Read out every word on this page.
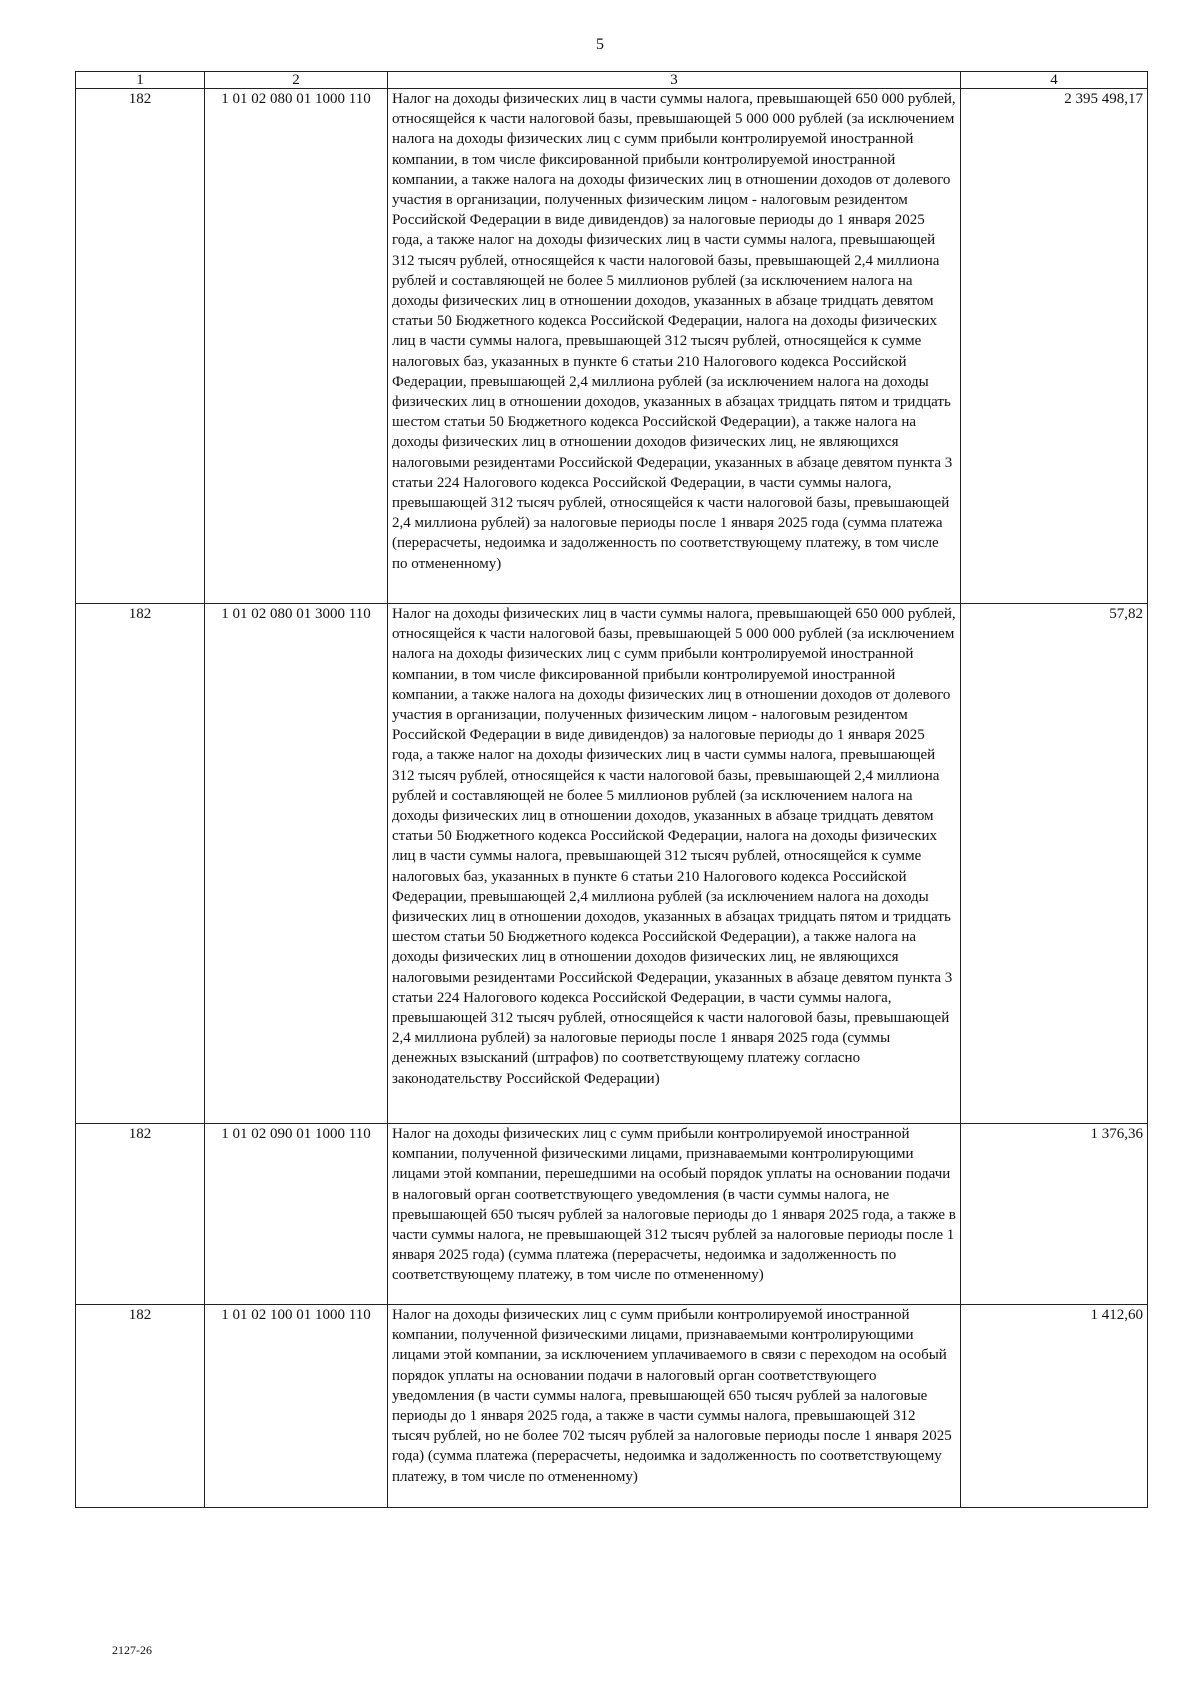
5
1	2	3	4
182	1 01 02 080 01 1000 110	Налог на доходы физических лиц в части суммы налога, превышающей 650 000 рублей, относящейся к части налоговой базы, превышающей 5 000 000 рублей (за исключением налога на доходы физических лиц с сумм прибыли контролируемой иностранной компании, в том числе фиксированной прибыли контролируемой иностранной компании, а также налога на доходы физических лиц в отношении доходов от долевого участия в организации, полученных физическим лицом - налоговым резидентом Российской Федерации в виде дивидендов) за налоговые периоды до 1 января 2025 года, а также налог на доходы физических лиц в части суммы налога, превышающей 312 тысяч рублей, относящейся к части налоговой базы, превышающей 2,4 миллиона рублей и составляющей не более 5 миллионов рублей (за исключением налога на доходы физических лиц в отношении доходов, указанных в абзаце тридцать девятом статьи 50 Бюджетного кодекса Российской Федерации, налога на доходы физических лиц в части суммы налога, превышающей 312 тысяч рублей, относящейся к сумме налоговых баз, указанных в пункте 6 статьи 210 Налогового кодекса Российской Федерации, превышающей 2,4 миллиона рублей (за исключением налога на доходы физических лиц в отношении доходов, указанных в абзацах тридцать пятом и тридцать шестом статьи 50 Бюджетного кодекса Российской Федерации), а также налога на доходы физических лиц в отношении доходов физических лиц, не являющихся налоговыми резидентами Российской Федерации, указанных в абзаце девятом пункта 3 статьи 224 Налогового кодекса Российской Федерации, в части суммы налога, превышающей 312 тысяч рублей, относящейся к части налоговой базы, превышающей 2,4 миллиона рублей) за налоговые периоды после 1 января 2025 года (сумма платежа (перерасчеты, недоимка и задолженность по соответствующему платежу, в том числе по отмененному)	2 395 498,17
182	1 01 02 080 01 3000 110	Налог на доходы физических лиц в части суммы налога, превышающей 650 000 рублей, относящейся к части налоговой базы, превышающей 5 000 000 рублей (за исключением налога на доходы физических лиц с сумм прибыли контролируемой иностранной компании, в том числе фиксированной прибыли контролируемой иностранной компании, а также налога на доходы физических лиц в отношении доходов от долевого участия в организации, полученных физическим лицом - налоговым резидентом Российской Федерации в виде дивидендов) за налоговые периоды до 1 января 2025 года, а также налог на доходы физических лиц в части суммы налога, превышающей 312 тысяч рублей, относящейся к части налоговой базы, превышающей 2,4 миллиона рублей и составляющей не более 5 миллионов рублей (за исключением налога на доходы физических лиц в отношении доходов, указанных в абзаце тридцать девятом статьи 50 Бюджетного кодекса Российской Федерации, налога на доходы физических лиц в части суммы налога, превышающей 312 тысяч рублей, относящейся к сумме налоговых баз, указанных в пункте 6 статьи 210 Налогового кодекса Российской Федерации, превышающей 2,4 миллиона рублей (за исключением налога на доходы физических лиц в отношении доходов, указанных в абзацах тридцать пятом и тридцать шестом статьи 50 Бюджетного кодекса Российской Федерации), а также налога на доходы физических лиц в отношении доходов физических лиц, не являющихся налоговыми резидентами Российской Федерации, указанных в абзаце девятом пункта 3 статьи 224 Налогового кодекса Российской Федерации, в части суммы налога, превышающей 312 тысяч рублей, относящейся к части налоговой базы, превышающей 2,4 миллиона рублей) за налоговые периоды после 1 января 2025 года (суммы денежных взысканий (штрафов) по соответствующему платежу согласно законодательству Российской Федерации)	57,82
182	1 01 02 090 01 1000 110	Налог на доходы физических лиц с сумм прибыли контролируемой иностранной компании, полученной физическими лицами, признаваемыми контролирующими лицами этой компании, перешедшими на особый порядок уплаты на основании подачи в налоговый орган соответствующего уведомления (в части суммы налога, не превышающей 650 тысяч рублей за налоговые периоды до 1 января 2025 года, а также в части суммы налога, не превышающей 312 тысяч рублей за налоговые периоды после 1 января 2025 года) (сумма платежа (перерасчеты, недоимка и задолженность по соответствующему платежу, в том числе по отмененному)	1 376,36
182	1 01 02 100 01 1000 110	Налог на доходы физических лиц с сумм прибыли контролируемой иностранной компании, полученной физическими лицами, признаваемыми контролирующими лицами этой компании, за исключением уплачиваемого в связи с переходом на особый порядок уплаты на основании подачи в налоговый орган соответствующего уведомления (в части суммы налога, превышающей 650 тысяч рублей за налоговые периоды до 1 января 2025 года, а также в части суммы налога, превышающей 312 тысяч рублей, но не более 702 тысяч рублей за налоговые периоды после 1 января 2025 года) (сумма платежа (перерасчеты, недоимка и задолженность по соответствующему платежу, в том числе по отмененному)	1 412,60
2127-26
